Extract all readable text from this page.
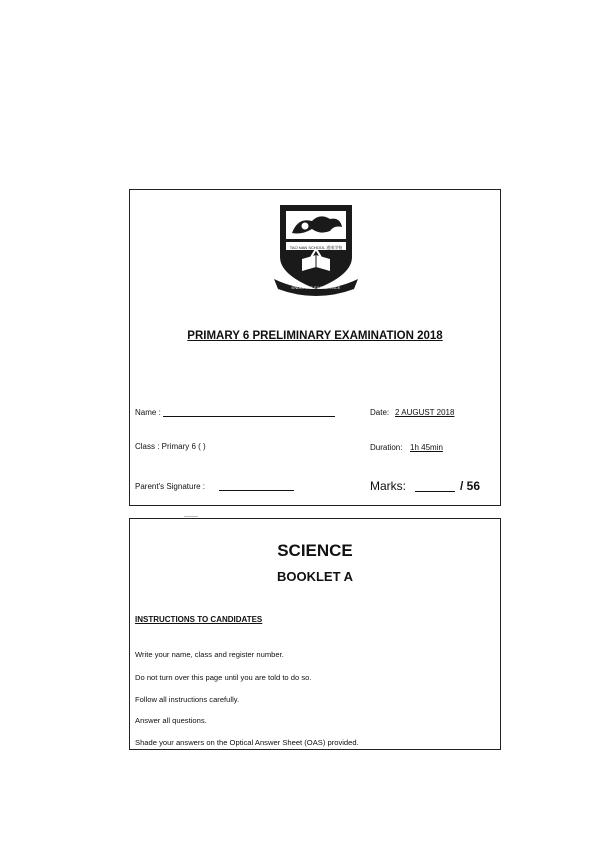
TAO NAN SCHOOL 道南学校
ENDURING EXCELLENCE
PRIMARY 6 PRELIMINARY EXAMINATION 2018
Name :	Date: 2 AUGUST 2018
Class : Primary 6 ( )	Duration: 1h 45min
Parent's Signature :	Marks:	/ 56
SCIENCE
BOOKLET A
INSTRUCTIONS TO CANDIDATES
Write your name, class and register number.
Do not turn over this page until you are told to do so.
Follow all instructions carefully.
Answer all questions.
Shade your answers on the Optical Answer Sheet (OAS) provided.
